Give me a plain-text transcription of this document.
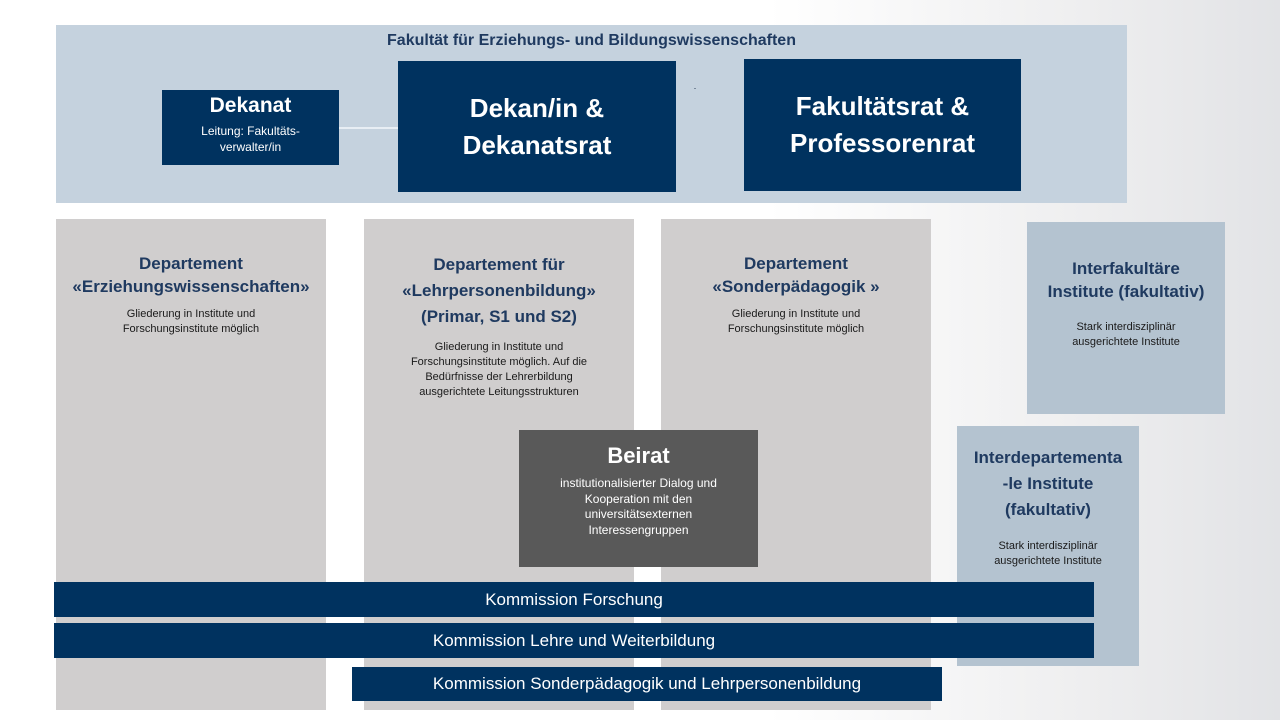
Fakultät für Erziehungs- und Bildungswissenschaften
Dekanat
Leitung: Fakultäts-
verwalter/in
Dekan/in &
Dekanatsrat
Fakultätsrat &
Professorenrat
Departement
«Erziehungswissenschaften»
Gliederung in Institute und
Forschungsinstitute möglich
Departement für
«Lehrpersonenbildung»
(Primar, S1 und S2)
Gliederung in Institute und
Forschungsinstitute möglich. Auf die
Bedürfnisse der Lehrerbildung
ausgerichtete Leitungsstrukturen
Departement
«Sonderpädagogik »
Gliederung in Institute und
Forschungsinstitute möglich
Interfakultäre
Institute (fakultativ)
Stark interdisziplinär
ausgerichtete Institute
Interdepartementa
-le Institute
(fakultativ)
Stark interdisziplinär
ausgerichtete Institute
Beirat
institutionalisierter Dialog und
Kooperation mit den
universitätsexternen
Interessengruppen
Kommission Forschung
Kommission Lehre und Weiterbildung
Kommission Sonderpädagogik und Lehrpersonenbildung
